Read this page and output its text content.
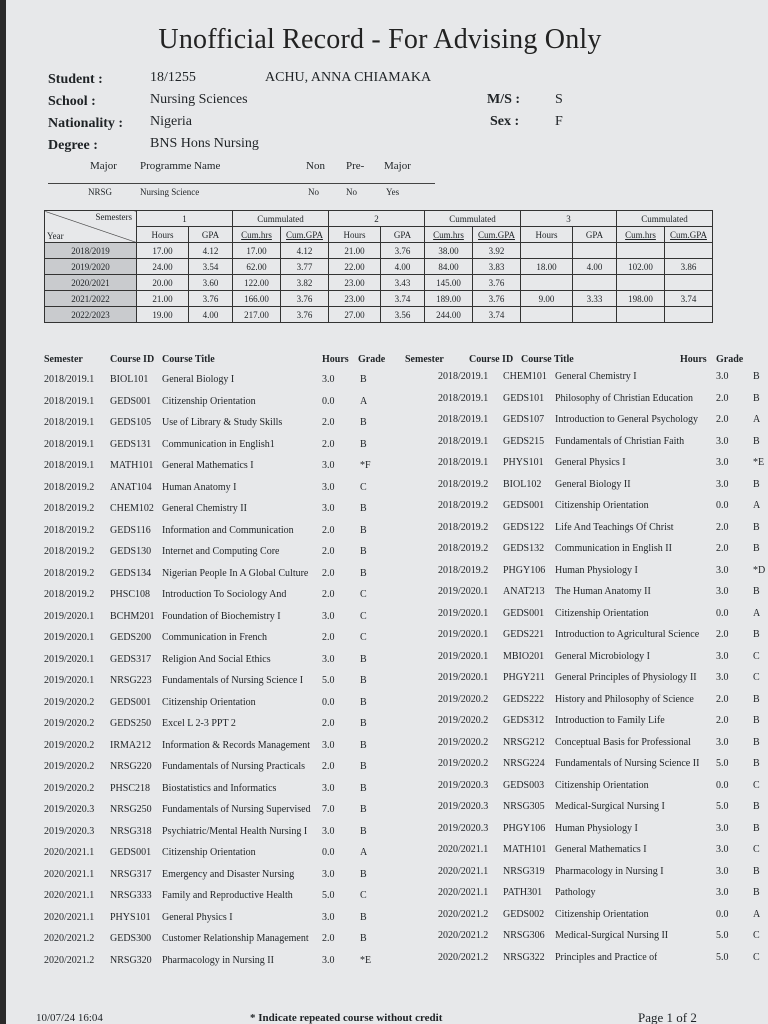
Unofficial Record - For Advising Only
Student :	18/1255	ACHU, ANNA CHIAMAKA
School :	Nursing Sciences
Nationality : Nigeria
Degree :	BNS Hons Nursing
M/S : S
Sex :	F
Major Programme Name	Non Pre- Major
NRSG	Nursing Science	No	No	Yes
Semesters
Year	1		Cummulated		2		Cummulated		3		Cummulated	
	Hours	GPA	Cum.hrs	Cum.GPA	Hours	GPA	Cum.hrs	Cum.GPA	Hours	GPA	Cum.hrs	Cum.GPA
2018/2019	17.00	4.12	17.00	4.12	21.00	3.76	38.00	3.92				
2019/2020	24.00	3.54	62.00	3.77	22.00	4.00	84.00	3.83	18.00	4.00	102.00	3.86
2020/2021	20.00	3.60	122.00	3.82	23.00	3.43	145.00	3.76				
2021/2022	21.00	3.76	166.00	3.76	23.00	3.74	189.00	3.76	9.00	3.33	198.00	3.74
2022/2023	19.00	4.00	217.00	3.76	27.00	3.56	244.00	3.74				
Semester	Course ID Course Title	Hours Grade Semester	Course ID Course Title	Hours Grade
2018/2019.1 BIOL101 General Biology I	3.0	B
2018/2019.1 GEDS001 Citizenship Orientation	0.0	A
2018/2019.1 GEDS105 Use of Library & Study Skills	2.0	B
2018/2019.1 GEDS131 Communication in English1	2.0	B
2018/2019.1 MATH101 General Mathematics I	3.0	*F
2018/2019.2 ANAT104 Human Anatomy I	3.0	C
2018/2019.2 CHEM102 General Chemistry II	3.0	B
2018/2019.2 GEDS116 Information and Communication	2.0	B
2018/2019.2 GEDS130 Internet and Computing Core	2.0	B
2018/2019.2 GEDS134 Nigerian People In A Global Culture 2.0	B
2018/2019.2 PHSC108 Introduction To Sociology And	2.0	C
2019/2020.1 BCHM201 Foundation of Biochemistry I	3.0	C
2019/2020.1 GEDS200 Communication in French	2.0	C
2019/2020.1 GEDS317 Religion And Social Ethics	3.0	B
2019/2020.1 NRSG223 Fundamentals of Nursing Science I 5.0	B
2019/2020.2 GEDS001 Citizenship Orientation	0.0	B
2019/2020.2 GEDS250 Excel L 2-3 PPT 2	2.0	B
2019/2020.2 IRMA212 Information & Records Management 3.0	B
2019/2020.2 NRSG220 Fundamentals of Nursing Practicals 2.0	B
2019/2020.2 PHSC218 Biostatistics and Informatics	3.0	B
2019/2020.3 NRSG250 Fundamentals of Nursing Supervised 7.0	B
2019/2020.3 NRSG318 Psychiatric/Mental Health Nursing I 3.0	B
2020/2021.1 GEDS001 Citizenship Orientation	0.0	A
2020/2021.1 NRSG317 Emergency and Disaster Nursing	3.0	B
2020/2021.1 NRSG333 Family and Reproductive Health	5.0	C
2020/2021.1 PHYS101 General Physics I	3.0	B
2020/2021.2 GEDS300 Customer Relationship Management 2.0	B
2020/2021.2 NRSG320 Pharmacology in Nursing II	3.0	*E
2018/2019.1 CHEM101 General Chemistry I	3.0 B
2018/2019.1 GEDS101 Philosophy of Christian Education 2.0 B
2018/2019.1 GEDS107 Introduction to General Psychology 2.0 A
2018/2019.1 GEDS215 Fundamentals of Christian Faith	3.0 B
2018/2019.1 PHYS101 General Physics I	3.0 *E
2018/2019.2 BIOL102 General Biology II	3.0 B
2018/2019.2 GEDS001 Citizenship Orientation	0.0 A
2018/2019.2 GEDS122 Life And Teachings Of Christ	2.0 B
2018/2019.2 GEDS132 Communication in English II	2.0 B
2018/2019.2 PHGY106 Human Physiology I	3.0 *D
2019/2020.1 ANAT213 The Human Anatomy II	3.0 B
2019/2020.1 GEDS001 Citizenship Orientation	0.0 A
2019/2020.1 GEDS221 Introduction to Agricultural Science 2.0 B
2019/2020.1 MBIO201 General Microbiology I	3.0 C
2019/2020.1 PHGY211 General Principles of Physiology II 3.0 C
2019/2020.2 GEDS222 History and Philosophy of Science 2.0 B
2019/2020.2 GEDS312 Introduction to Family Life	2.0 B
2019/2020.2 NRSG212 Conceptual Basis for Professional	3.0 B
2019/2020.2 NRSG224 Fundamentals of Nursing Science II 5.0 B
2019/2020.3 GEDS003 Citizenship Orientation	0.0 C
2019/2020.3 NRSG305 Medical-Surgical Nursing I	5.0 B
2019/2020.3 PHGY106 Human Physiology I	3.0 B
2020/2021.1 MATH101 General Mathematics I	3.0 C
2020/2021.1 NRSG319 Pharmacology in Nursing I	3.0 B
2020/2021.1 PATH301 Pathology	3.0 B
2020/2021.2 GEDS002 Citizenship Orientation	0.0 A
2020/2021.2 NRSG306 Medical-Surgical Nursing II	5.0 C
2020/2021.2 NRSG322 Principles and Practice of	5.0 C
10/07/24 16:04	* Indicate repeated course without credit	Page 1 of 2
